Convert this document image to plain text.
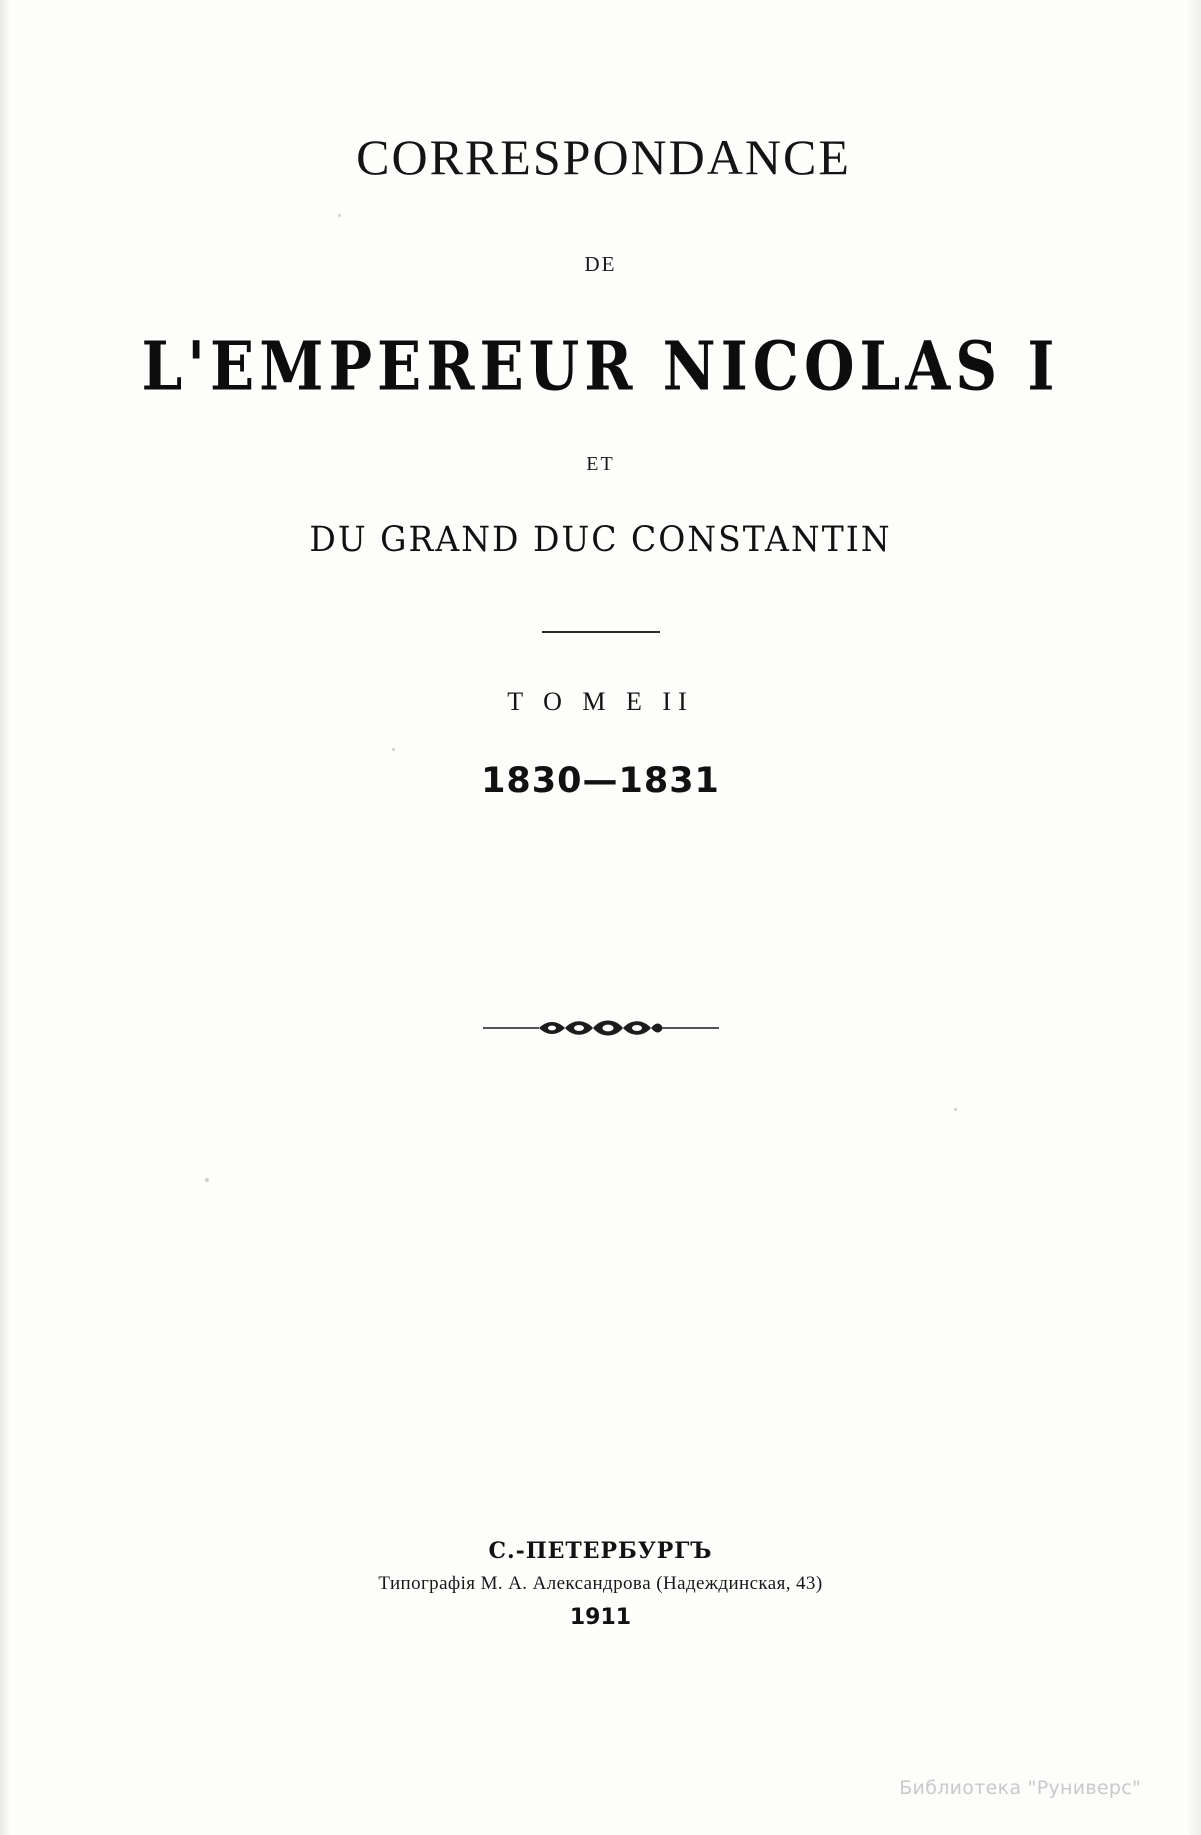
CORRESPONDANCE
DE
L'EMPEREUR NICOLAS I
ET
DU GRAND DUC CONSTANTIN
T O M E II
1830—1831
С.-ПЕТЕРБУРГЪ
Типографія М. А. Александровa (Надеждинская, 43)
1911
Библиотека "Руниверс"
